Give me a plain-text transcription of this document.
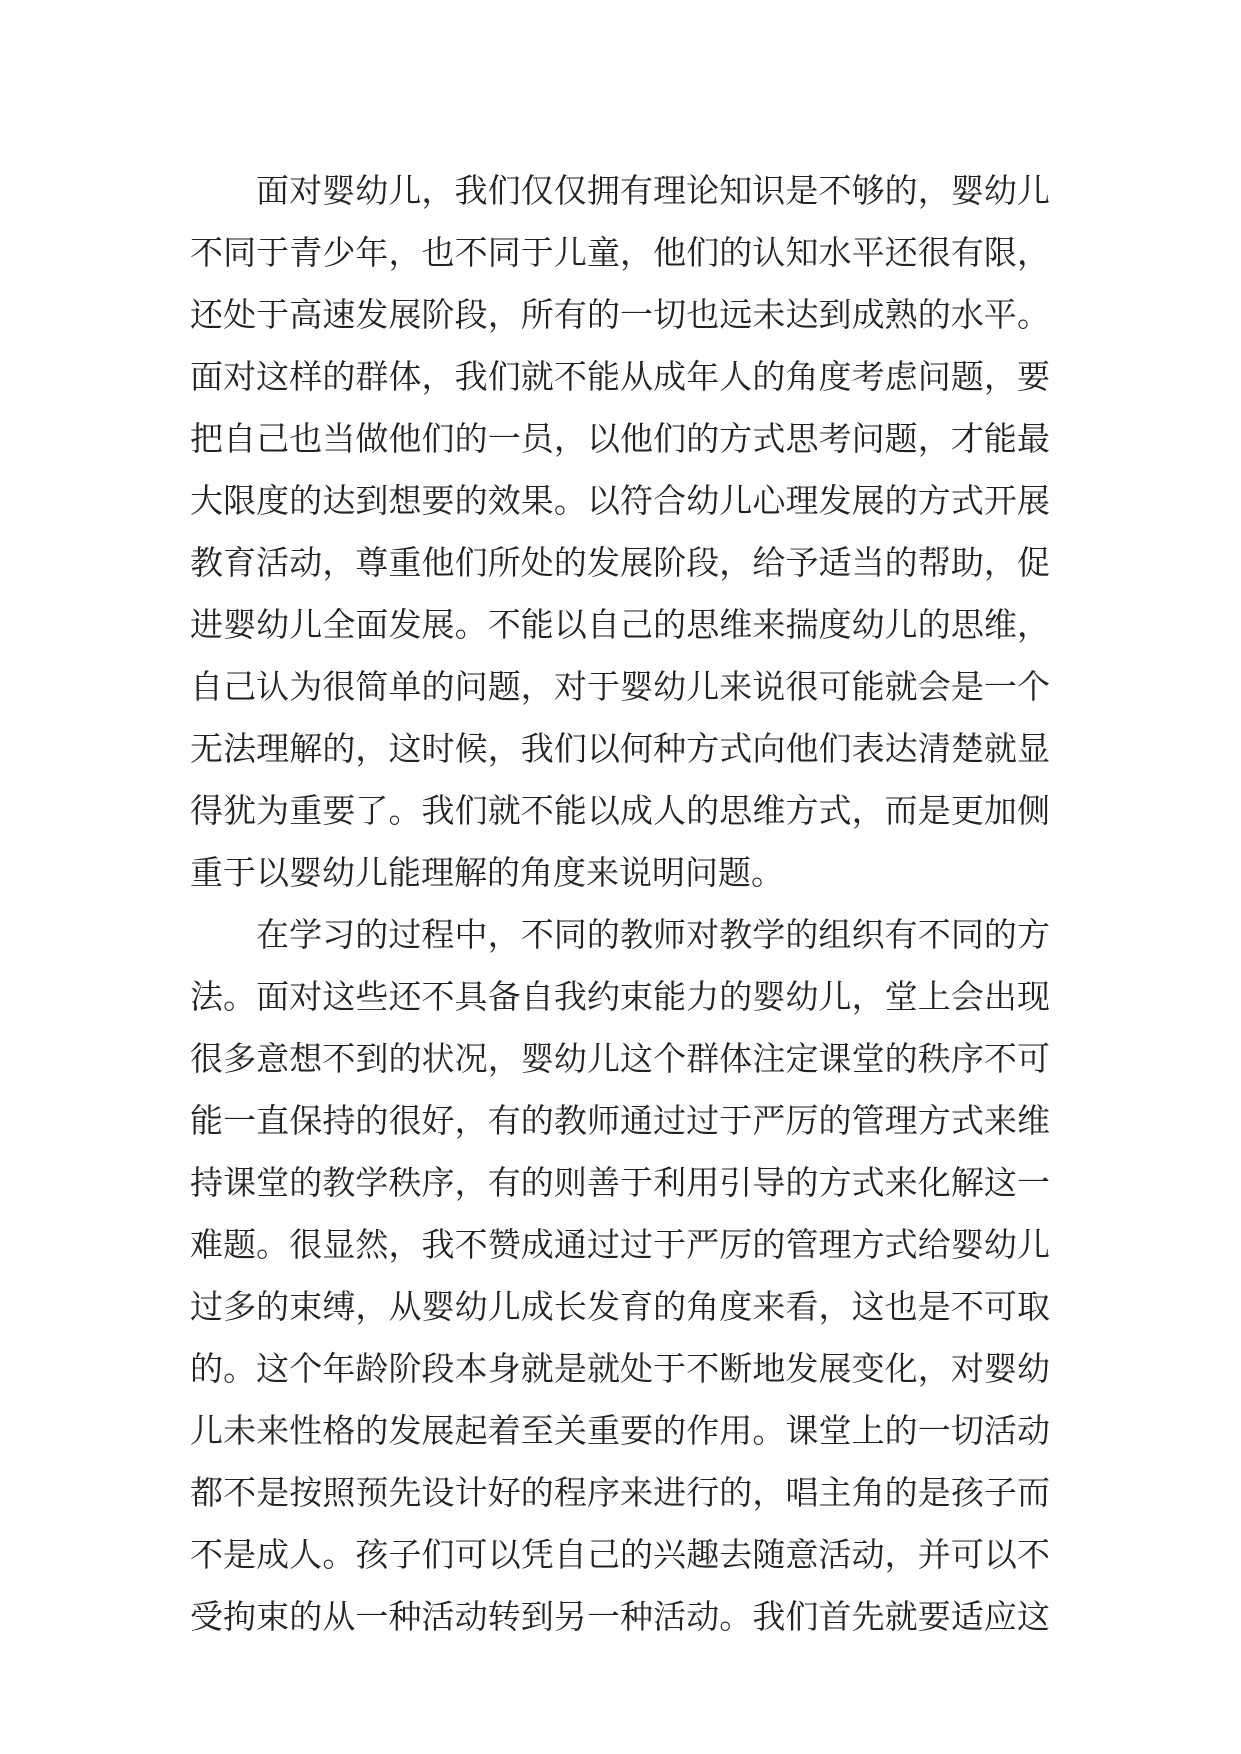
面对婴幼儿，我们仅仅拥有理论知识是不够的，婴幼儿
不同于青少年，也不同于儿童，他们的认知水平还很有限，
还处于高速发展阶段，所有的一切也远未达到成熟的水平。
面对这样的群体，我们就不能从成年人的角度考虑问题，要
把自己也当做他们的一员，以他们的方式思考问题，才能最
大限度的达到想要的效果。以符合幼儿心理发展的方式开展
教育活动，尊重他们所处的发展阶段，给予适当的帮助，促
进婴幼儿全面发展。不能以自己的思维来揣度幼儿的思维，
自己认为很简单的问题，对于婴幼儿来说很可能就会是一个
无法理解的，这时候，我们以何种方式向他们表达清楚就显
得犹为重要了。我们就不能以成人的思维方式，而是更加侧
重于以婴幼儿能理解的角度来说明问题。
在学习的过程中，不同的教师对教学的组织有不同的方
法。面对这些还不具备自我约束能力的婴幼儿，堂上会出现
很多意想不到的状况，婴幼儿这个群体注定课堂的秩序不可
能一直保持的很好，有的教师通过过于严厉的管理方式来维
持课堂的教学秩序，有的则善于利用引导的方式来化解这一
难题。很显然，我不赞成通过过于严厉的管理方式给婴幼儿
过多的束缚，从婴幼儿成长发育的角度来看，这也是不可取
的。这个年龄阶段本身就是就处于不断地发展变化，对婴幼
儿未来性格的发展起着至关重要的作用。课堂上的一切活动
都不是按照预先设计好的程序来进行的，唱主角的是孩子而
不是成人。孩子们可以凭自己的兴趣去随意活动，并可以不
受拘束的从一种活动转到另一种活动。我们首先就要适应这
